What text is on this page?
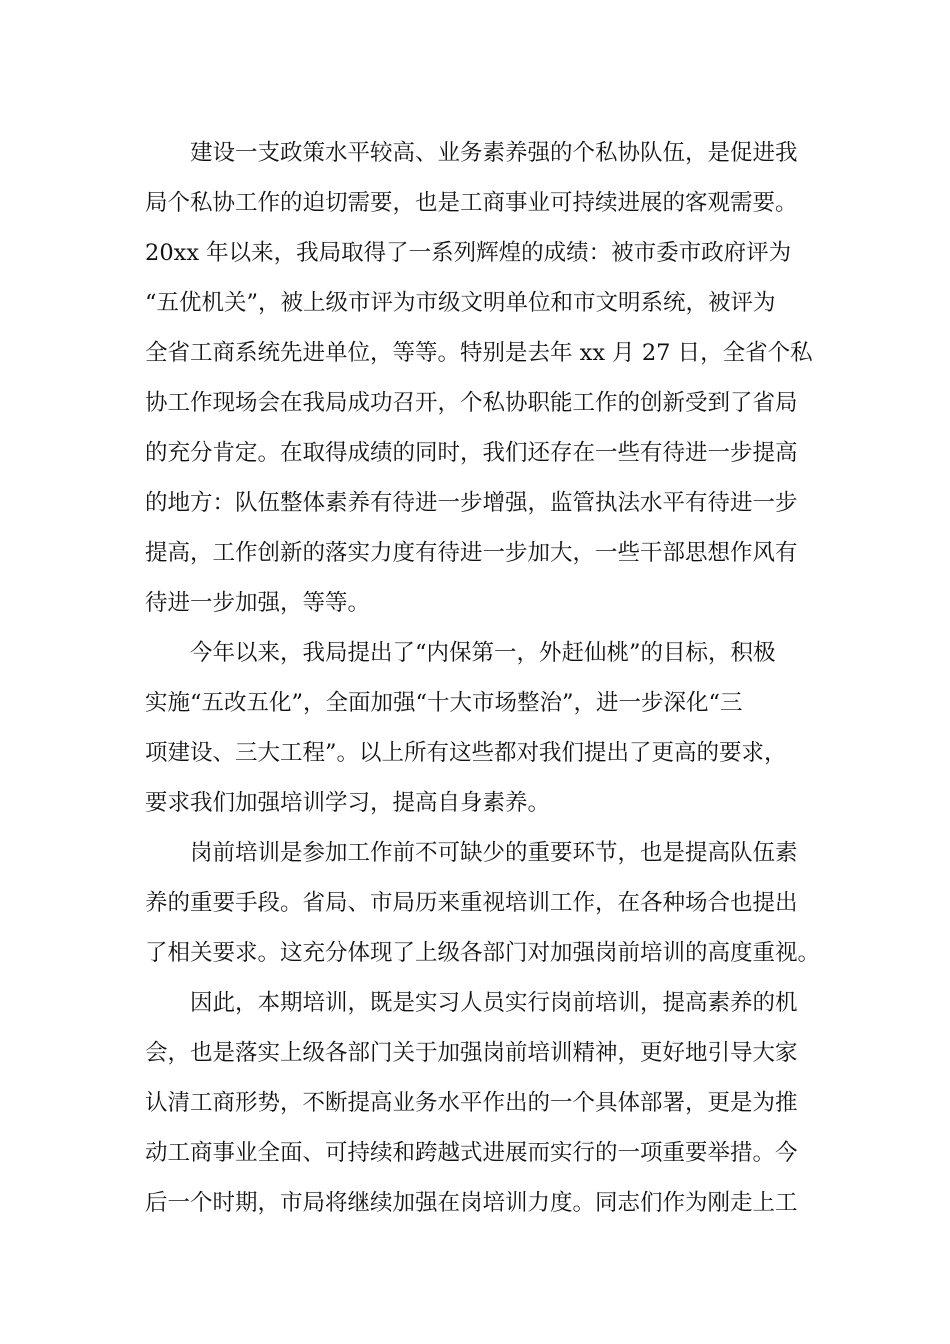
建设一支政策水平较高、业务素养强的个私协队伍，是促进我
局个私协工作的迫切需要，也是工商事业可持续进展的客观需要。
20xx 年以来，我局取得了一系列辉煌的成绩：被市委市政府评为
“五优机关”，被上级市评为市级文明单位和市文明系统，被评为
全省工商系统先进单位，等等。特别是去年 xx 月 27 日，全省个私
协工作现场会在我局成功召开，个私协职能工作的创新受到了省局
的充分肯定。在取得成绩的同时，我们还存在一些有待进一步提高
的地方：队伍整体素养有待进一步增强，监管执法水平有待进一步
提高，工作创新的落实力度有待进一步加大，一些干部思想作风有
待进一步加强，等等。
今年以来，我局提出了“内保第一，外赶仙桃”的目标，积极
实施“五改五化”，全面加强“十大市场整治”，进一步深化“三
项建设、三大工程”。以上所有这些都对我们提出了更高的要求，
要求我们加强培训学习，提高自身素养。
岗前培训是参加工作前不可缺少的重要环节，也是提高队伍素
养的重要手段。省局、市局历来重视培训工作，在各种场合也提出
了相关要求。这充分体现了上级各部门对加强岗前培训的高度重视。
因此，本期培训，既是实习人员实行岗前培训，提高素养的机
会，也是落实上级各部门关于加强岗前培训精神，更好地引导大家
认清工商形势，不断提高业务水平作出的一个具体部署，更是为推
动工商事业全面、可持续和跨越式进展而实行的一项重要举措。今
后一个时期，市局将继续加强在岗培训力度。同志们作为刚走上工
